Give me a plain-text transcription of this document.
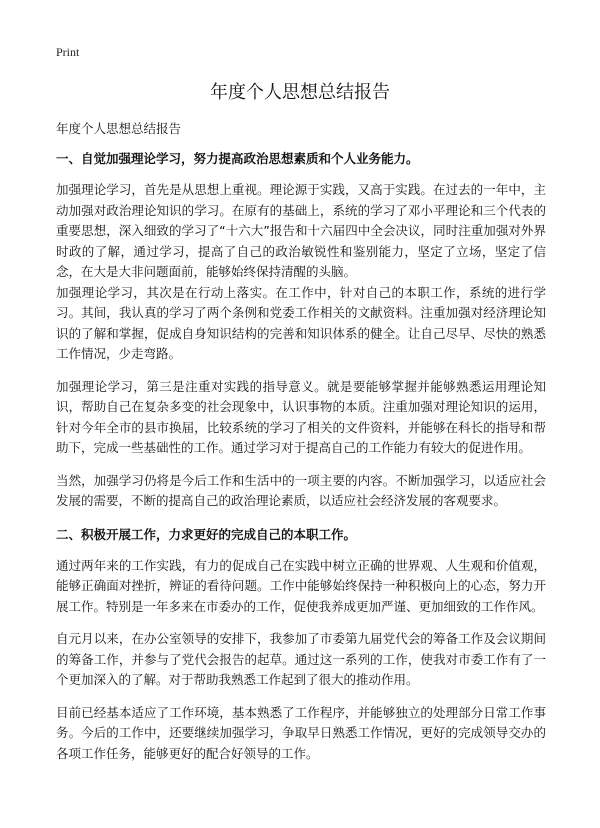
Print
年度个人思想总结报告

年度个人思想总结报告

一、自觉加强理论学习，努力提高政治思想素质和个人业务能力。

加强理论学习，首先是从思想上重视。理论源于实践，又高于实践。在过去的一年中，主动加强对政治理论知识的学习。在原有的基础上，系统的学习了邓小平理论和三个代表的重要思想，深入细致的学习了“十六大”报告和十六届四中全会决议，同时注重加强对外界时政的了解，通过学习，提高了自己的政治敏锐性和鉴别能力，坚定了立场，坚定了信念，在大是大非问题面前，能够始终保持清醒的头脑。

加强理论学习，其次是在行动上落实。在工作中，针对自己的本职工作，系统的进行学习。其间，我认真的学习了两个条例和党委工作相关的文献资料。注重加强对经济理论知识的了解和掌握，促成自身知识结构的完善和知识体系的健全。让自己尽早、尽快的熟悉工作情况，少走弯路。

加强理论学习，第三是注重对实践的指导意义。就是要能够掌握并能够熟悉运用理论知识，帮助自己在复杂多变的社会现象中，认识事物的本质。注重加强对理论知识的运用，针对今年全市的县市换届，比较系统的学习了相关的文件资料，并能够在科长的指导和帮助下，完成一些基础性的工作。通过学习对于提高自己的工作能力有较大的促进作用。

当然，加强学习仍将是今后工作和生活中的一项主要的内容。不断加强学习，以适应社会发展的需要，不断的提高自己的政治理论素质，以适应社会经济发展的客观要求。

二、积极开展工作，力求更好的完成自己的本职工作。

通过两年来的工作实践，有力的促成自己在实践中树立正确的世界观、人生观和价值观，能够正确面对挫折，辨证的看待问题。工作中能够始终保持一种积极向上的心态，努力开展工作。特别是一年多来在市委办的工作，促使我养成更加严谨、更加细致的工作作风。

自元月以来，在办公室领导的安排下，我参加了市委第九届党代会的筹备工作及会议期间的筹备工作，并参与了党代会报告的起草。通过这一系列的工作，使我对市委工作有了一个更加深入的了解。对于帮助我熟悉工作起到了很大的推动作用。

目前已经基本适应了工作环境，基本熟悉了工作程序，并能够独立的处理部分日常工作事务。今后的工作中，还要继续加强学习，争取早日熟悉工作情况，更好的完成领导交办的各项工作任务，能够更好的配合好领导的工作。
